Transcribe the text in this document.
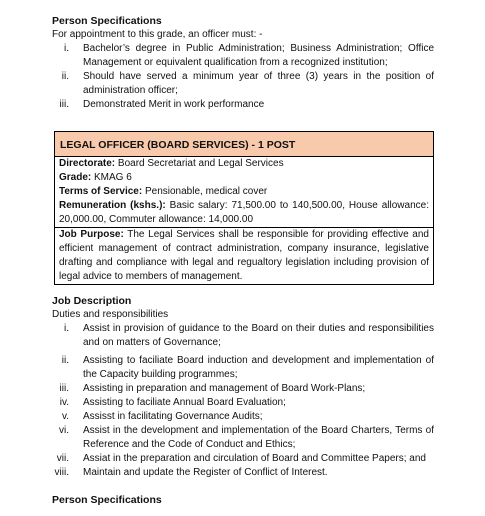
Person Specifications

For appointment to this grade, an officer must: -

i. Bachelor’s degree in Public Administration; Business Administration; Office Management or equivalent qualification from a recognized institution;
ii. Should have served a minimum year of three (3) years in the position of administration officer;
iii. Demonstrated Merit in work performance
LEGAL OFFICER (BOARD SERVICES) - 1 POST
Directorate: Board Secretariat and Legal Services
Grade: KMAG 6
Terms of Service: Pensionable, medical cover
Remuneration (kshs.): Basic salary: 71,500.00 to 140,500.00, House allowance: 20,000.00, Commuter allowance: 14,000.00
Job Purpose: The Legal Services shall be responsible for providing effective and efficient management of contract administration, company insurance, legislative drafting and compliance with legal and regualtory legislation including provision of legal advice to members of management.

Job Description

Duties and responsibilities

i. Assist in provision of guidance to the Board on their duties and responsibilities and on matters of Governance;
ii. Assisting to faciliate Board induction and development and implementation of the Capacity building programmes;
iii. Assisting in preparation and management of Board Work-Plans;
iv. Assisting to faciliate Annual Board Evaluation;
v. Assisst in facilitating Governance Audits;
vi. Assist in the development and implementation of the Board Charters, Terms of Reference and the Code of Conduct and Ethics;
vii. Assiat in the preparation and circulation of Board and Committee Papers; and
viii. Maintain and update the Register of Conflict of Interest.

Person Specifications
